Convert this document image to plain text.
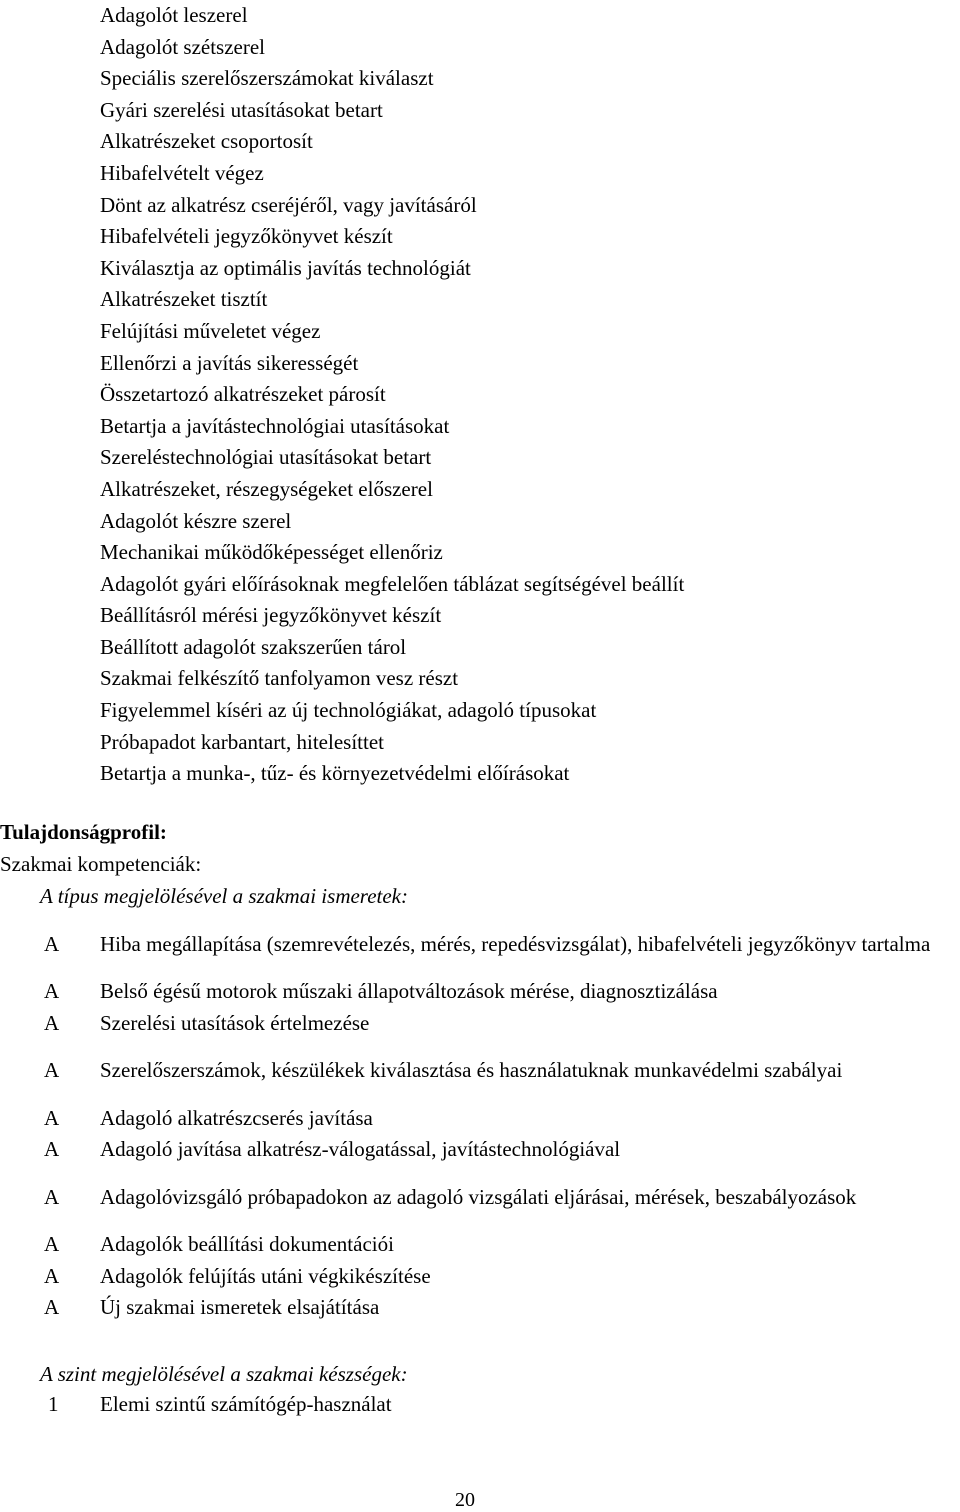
Adagolót leszerel
Adagolót szétszerel
Speciális szerelőszerszámokat kiválaszt
Gyári szerelési utasításokat betart
Alkatrészeket csoportosít
Hibafelvételt végez
Dönt az alkatrész cseréjéről, vagy javításáról
Hibafelvételi jegyzőkönyvet készít
Kiválasztja az optimális javítás technológiát
Alkatrészeket tisztít
Felújítási műveletet végez
Ellenőrzi a javítás sikerességét
Összetartozó alkatrészeket párosít
Betartja a javítástechnológiai utasításokat
Szereléstechnológiai utasításokat betart
Alkatrészeket, részegységeket előszerel
Adagolót készre szerel
Mechanikai működőképességet ellenőriz
Adagolót gyári előírásoknak megfelelően táblázat segítségével beállít
Beállításról mérési jegyzőkönyvet készít
Beállított adagolót szakszerűen tárol
Szakmai felkészítő tanfolyamon vesz részt
Figyelemmel kíséri az új technológiákat, adagoló típusokat
Próbapadot karbantart, hitelesíttet
Betartja a munka-, tűz- és környezetvédelmi előírásokat
Tulajdonságprofil:
Szakmai kompetenciák:
A típus megjelölésével a szakmai ismeretek:
A	Hiba megállapítása (szemrevételezés, mérés, repedésvizsgálat), hibafelvételi jegyzőkönyv tartalma
A	Belső égésű motorok műszaki állapotváltozások mérése, diagnosztizálása
A	Szerelési utasítások értelmezése
A	Szerelőszerszámok, készülékek kiválasztása és használatuknak munkavédelmi szabályai
A	Adagoló alkatrészcserés javítása
A	Adagoló javítása alkatrész-válogatással, javítástechnológiával
A	Adagolóvizsgáló próbapadokon az adagoló vizsgálati eljárásai, mérések, beszabályozások
A	Adagolók beállítási dokumentációi
A	Adagolók felújítás utáni végkikészítése
A	Új szakmai ismeretek elsajátítása
A szint megjelölésével a szakmai készségek:
1	Elemi szintű számítógép-használat
20
